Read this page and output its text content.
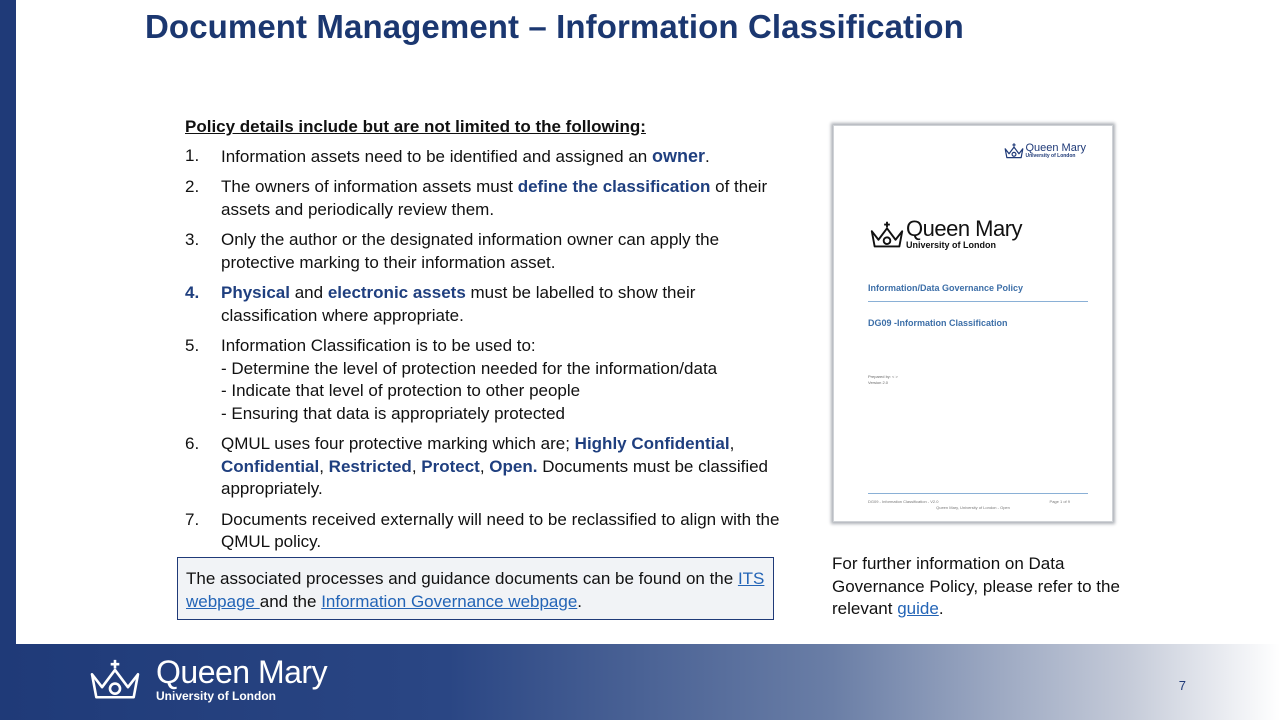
Document Management – Information Classification
Policy details include but are not limited to the following:
1. Information assets need to be identified and assigned an owner.
2. The owners of information assets must define the classification of their assets and periodically review them.
3. Only the author or the designated information owner can apply the protective marking to their information asset.
4. Physical and electronic assets must be labelled to show their classification where appropriate.
5. Information Classification is to be used to:
- Determine the level of protection needed for the information/data
- Indicate that level of protection to other people
- Ensuring that data is appropriately protected
6. QMUL uses four protective marking which are; Highly Confidential, Confidential, Restricted, Protect, Open. Documents must be classified appropriately.
7. Documents received externally will need to be reclassified to align with the QMUL policy.
The associated processes and guidance documents can be found on the ITS webpage and the Information Governance webpage.
Queen Mary
University of London
Queen Mary
University of London
Information/Data Governance Policy
DG09 -Information Classification
Prepared by: < >
Version 2.0
DG09 - Information Classification - V2.0	Page 1 of 9
Queen Mary, University of London - Open
For further information on Data Governance Policy, please refer to the relevant guide.
Queen Mary
University of London
7
